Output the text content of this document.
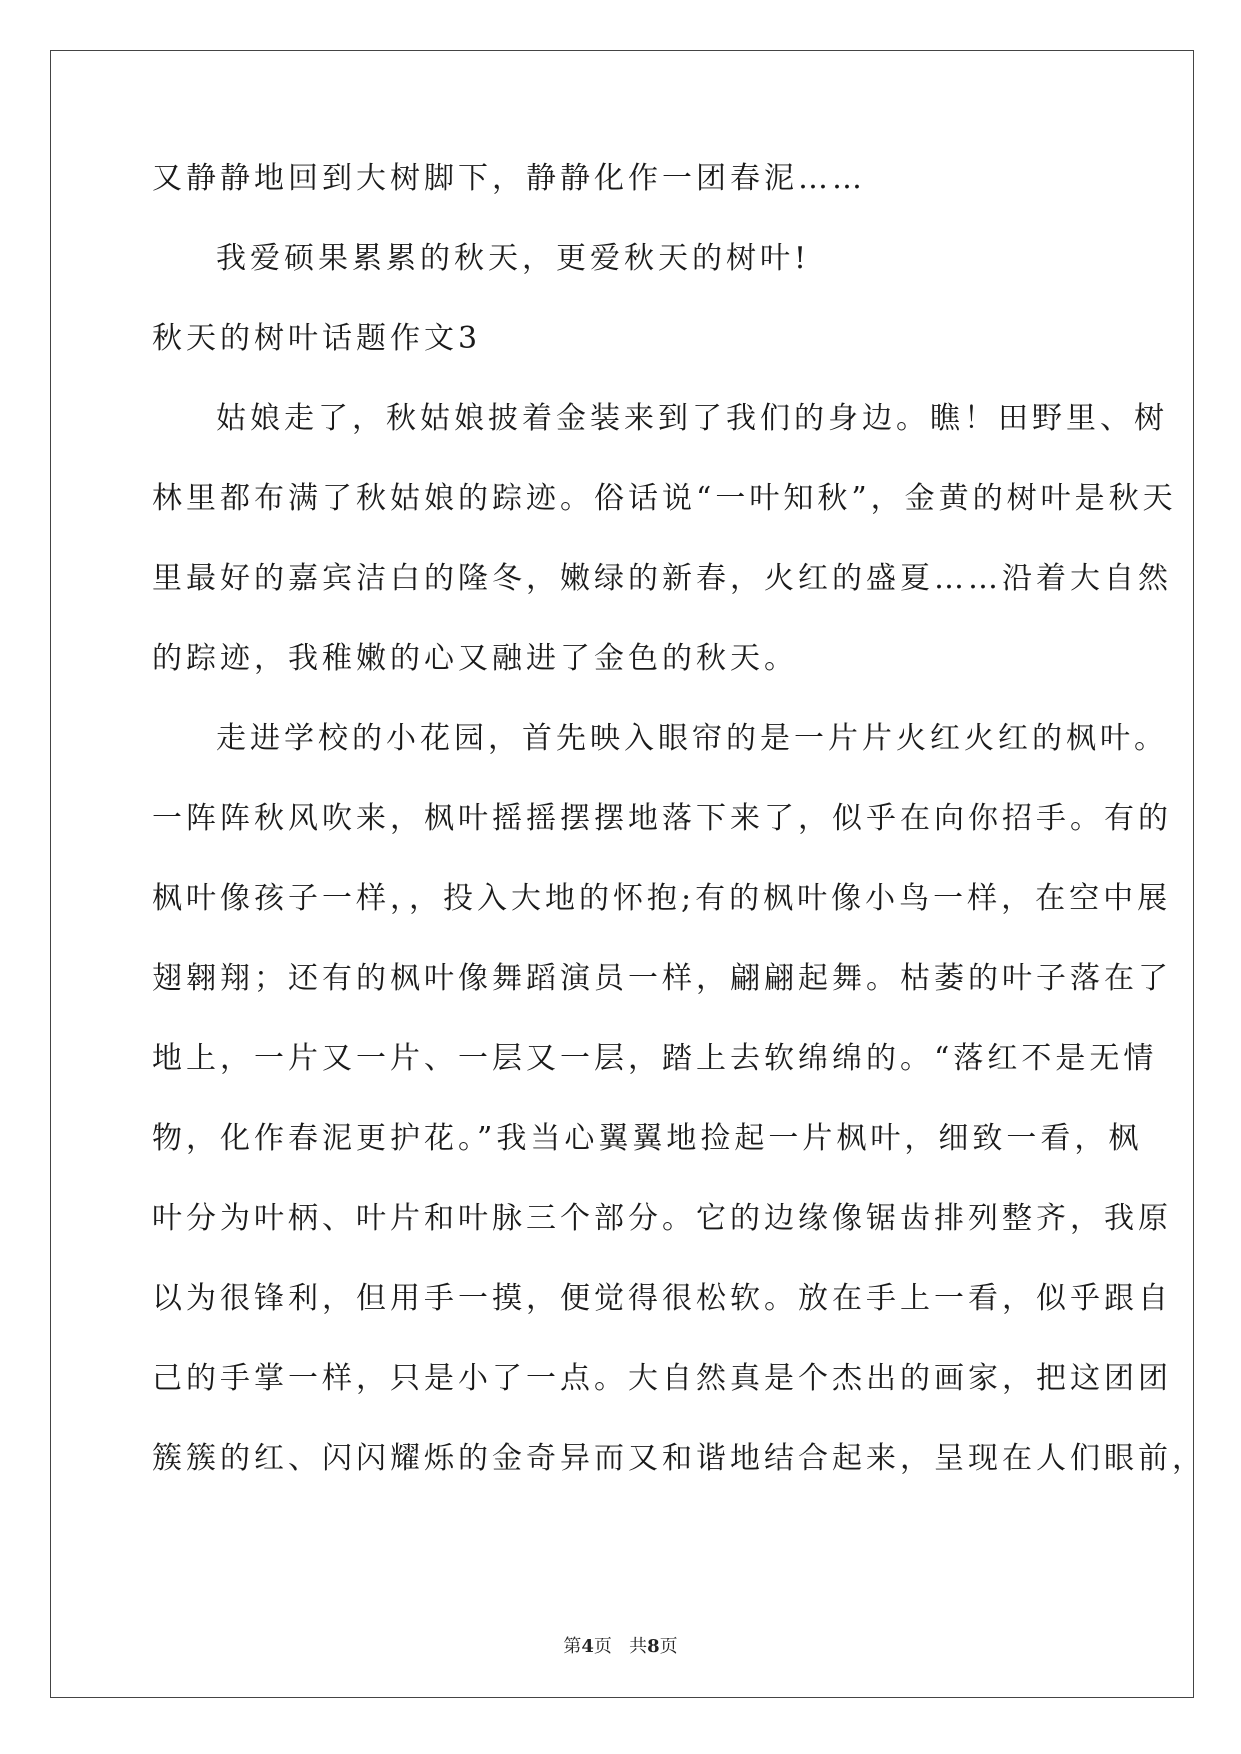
又静静地回到大树脚下，静静化作一团春泥……
我爱硕果累累的秋天，更爱秋天的树叶!
秋天的树叶话题作文3
姑娘走了，秋姑娘披着金装来到了我们的身边。瞧！田野里、树
林里都布满了秋姑娘的踪迹。俗话说“一叶知秋”，金黄的树叶是秋天
里最好的嘉宾洁白的隆冬，嫩绿的新春，火红的盛夏……沿着大自然
的踪迹，我稚嫩的心又融进了金色的秋天。
走进学校的小花园，首先映入眼帘的是一片片火红火红的枫叶。
一阵阵秋风吹来，枫叶摇摇摆摆地落下来了，似乎在向你招手。有的
枫叶像孩子一样，，投入大地的怀抱;有的枫叶像小鸟一样，在空中展
翅翱翔；还有的枫叶像舞蹈演员一样，翩翩起舞。枯萎的叶子落在了
地上，一片又一片、一层又一层，踏上去软绵绵的。“落红不是无情
物，化作春泥更护花。”我当心翼翼地捡起一片枫叶，细致一看，枫
叶分为叶柄、叶片和叶脉三个部分。它的边缘像锯齿排列整齐，我原
以为很锋利，但用手一摸，便觉得很松软。放在手上一看，似乎跟自
己的手掌一样，只是小了一点。大自然真是个杰出的画家，把这团团
簇簇的红、闪闪耀烁的金奇异而又和谐地结合起来，呈现在人们眼前，
第4页 共8页
